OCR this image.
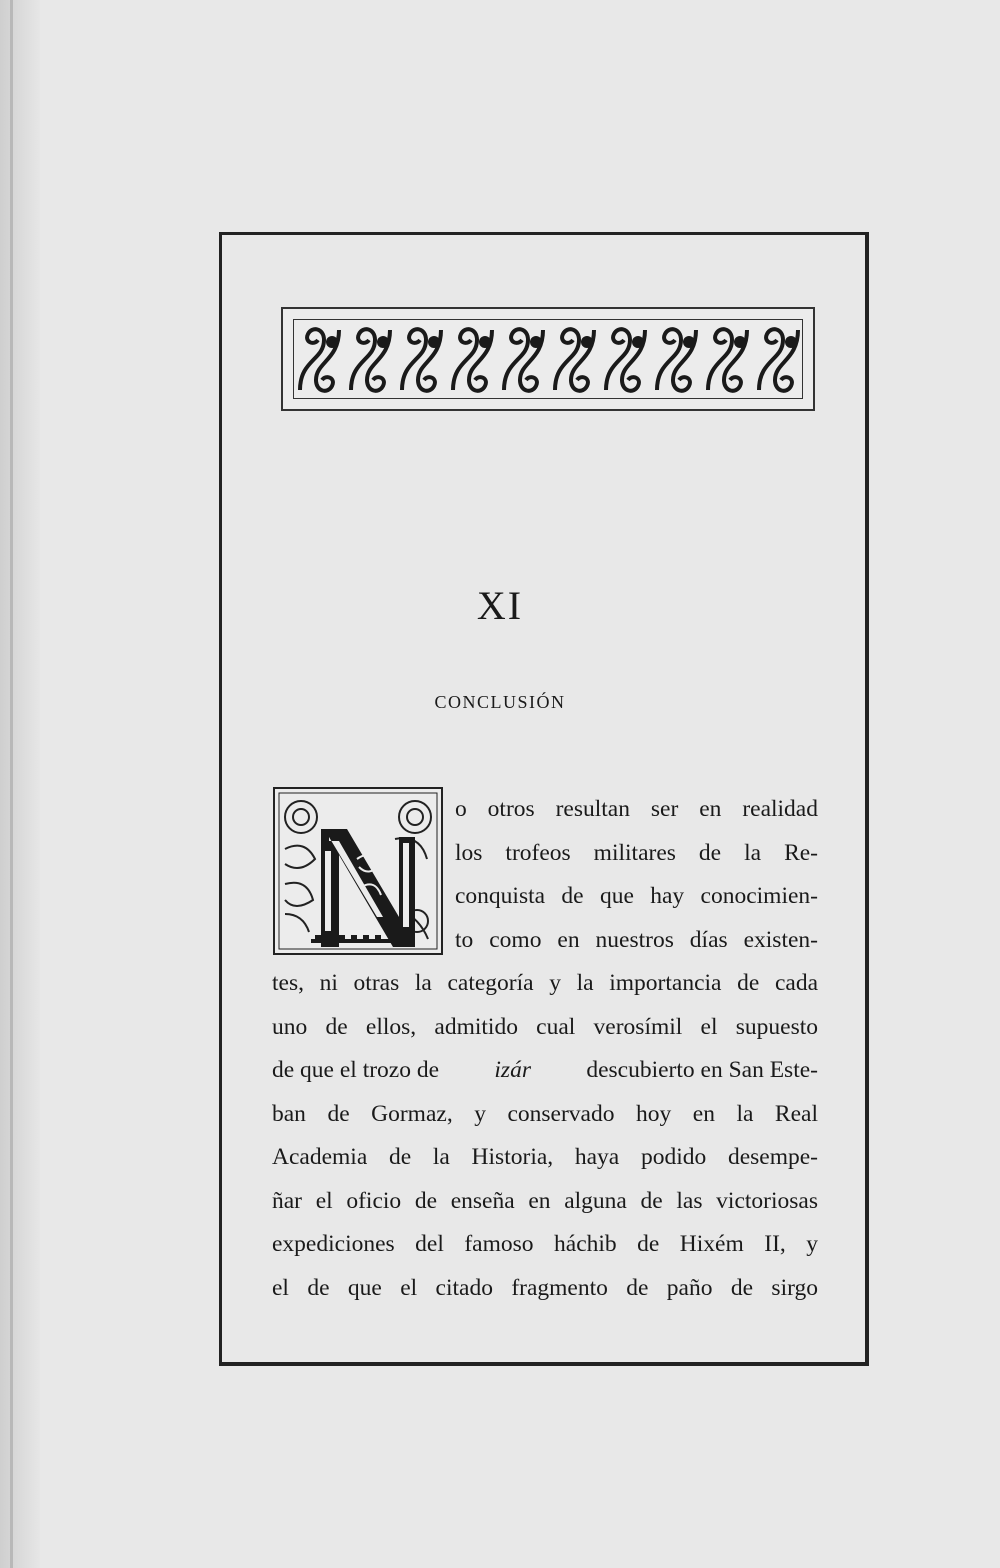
XI
CONCLUSIÓN
o otros resultan ser en realidad
los trofeos militares de la Re-
conquista de que hay conocimien-
to como en nuestros días existen-
tes, ni otras la categoría y la importancia de cada
uno de ellos, admitido cual verosímil el supuesto
de que el trozo de izár descubierto en San Este-
ban de Gormaz, y conservado hoy en la Real
Academia de la Historia, haya podido desempe-
ñar el oficio de enseña en alguna de las victoriosas
expediciones del famoso háchib de Hixém II, y
el de que el citado fragmento de paño de sirgo
